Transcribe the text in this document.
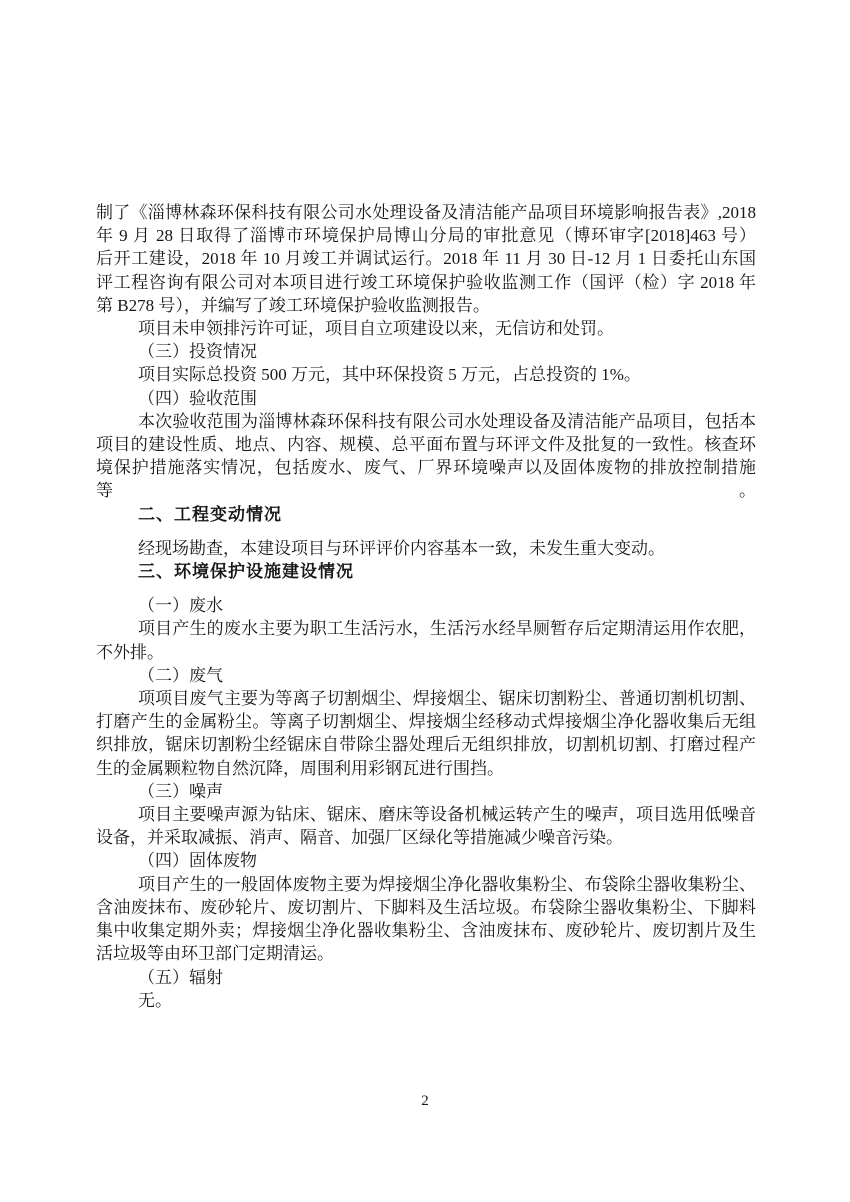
制了《淄博林森环保科技有限公司水处理设备及清洁能产品项目环境影响报告表》,2018
年 9 月 28 日取得了淄博市环境保护局博山分局的审批意见（博环审字[2018]463 号）
后开工建设，2018 年 10 月竣工并调试运行。2018 年 11 月 30 日-12 月 1 日委托山东国
评工程咨询有限公司对本项目进行竣工环境保护验收监测工作（国评（检）字 2018 年
第 B278 号），并编写了竣工环境保护验收监测报告。
项目未申领排污许可证，项目自立项建设以来，无信访和处罚。
（三）投资情况
项目实际总投资 500 万元，其中环保投资 5 万元，占总投资的 1%。
（四）验收范围
本次验收范围为淄博林森环保科技有限公司水处理设备及清洁能产品项目，包括本
项目的建设性质、地点、内容、规模、总平面布置与环评文件及批复的一致性。核查环
境保护措施落实情况，包括废水、废气、厂界环境噪声以及固体废物的排放控制措施等。
二、工程变动情况
经现场勘查，本建设项目与环评评价内容基本一致，未发生重大变动。
三、环境保护设施建设情况
（一）废水
项目产生的废水主要为职工生活污水，生活污水经旱厕暂存后定期清运用作农肥，
不外排。
（二）废气
项项目废气主要为等离子切割烟尘、焊接烟尘、锯床切割粉尘、普通切割机切割、
打磨产生的金属粉尘。等离子切割烟尘、焊接烟尘经移动式焊接烟尘净化器收集后无组
织排放，锯床切割粉尘经锯床自带除尘器处理后无组织排放，切割机切割、打磨过程产
生的金属颗粒物自然沉降，周围利用彩钢瓦进行围挡。
（三）噪声
项目主要噪声源为钻床、锯床、磨床等设备机械运转产生的噪声，项目选用低噪音
设备，并采取减振、消声、隔音、加强厂区绿化等措施减少噪音污染。
（四）固体废物
项目产生的一般固体废物主要为焊接烟尘净化器收集粉尘、布袋除尘器收集粉尘、
含油废抹布、废砂轮片、废切割片、下脚料及生活垃圾。布袋除尘器收集粉尘、下脚料
集中收集定期外卖；焊接烟尘净化器收集粉尘、含油废抹布、废砂轮片、废切割片及生
活垃圾等由环卫部门定期清运。
（五）辐射
无。
2
